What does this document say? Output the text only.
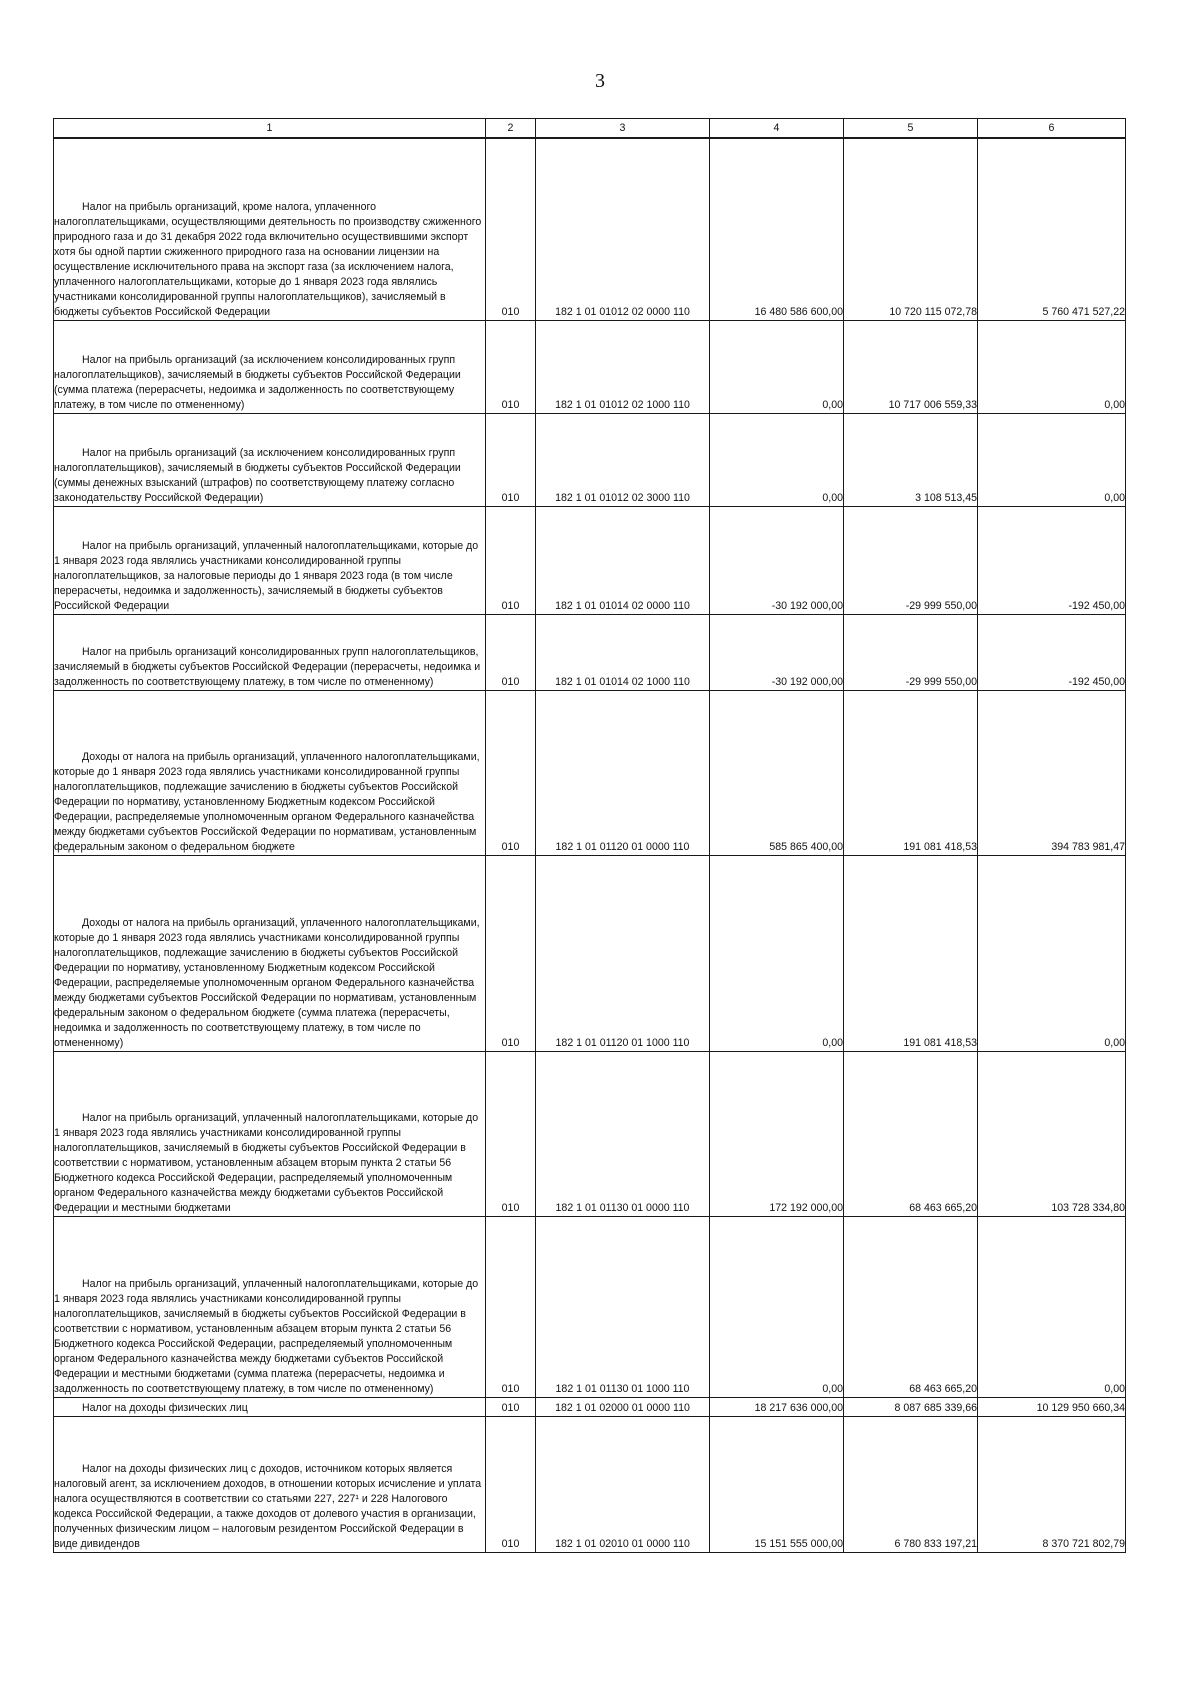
3
1	2	3	4	5	6
Налог на прибыль организаций, кроме налога, уплаченного налогоплательщиками, осуществляющими деятельность по производству сжиженного природного газа и до 31 декабря 2022 года включительно осуществившими экспорт хотя бы одной партии сжиженного природного газа на основании лицензии на осуществление исключительного права на экспорт газа (за исключением налога, уплаченного налогоплательщиками, которые до 1 января 2023 года являлись участниками консолидированной группы налогоплательщиков), зачисляемый в бюджеты субъектов Российской Федерации	010	182 1 01 01012 02 0000 110	16 480 586 600,00	10 720 115 072,78	5 760 471 527,22
Налог на прибыль организаций (за исключением консолидированных групп налогоплательщиков), зачисляемый в бюджеты субъектов Российской Федерации (сумма платежа (перерасчеты, недоимка и задолженность по соответствующему платежу, в том числе по отмененному)	010	182 1 01 01012 02 1000 110	0,00	10 717 006 559,33	0,00
Налог на прибыль организаций (за исключением консолидированных групп налогоплательщиков), зачисляемый в бюджеты субъектов Российской Федерации (суммы денежных взысканий (штрафов) по соответствующему платежу согласно законодательству Российской Федерации)	010	182 1 01 01012 02 3000 110	0,00	3 108 513,45	0,00
Налог на прибыль организаций, уплаченный налогоплательщиками, которые до 1 января 2023 года являлись участниками консолидированной группы налогоплательщиков, за налоговые периоды до 1 января 2023 года (в том числе перерасчеты, недоимка и задолженность), зачисляемый в бюджеты субъектов Российской Федерации	010	182 1 01 01014 02 0000 110	-30 192 000,00	-29 999 550,00	-192 450,00
Налог на прибыль организаций консолидированных групп налогоплательщиков, зачисляемый в бюджеты субъектов Российской Федерации (перерасчеты, недоимка и задолженность по соответствующему платежу, в том числе по отмененному)	010	182 1 01 01014 02 1000 110	-30 192 000,00	-29 999 550,00	-192 450,00
Доходы от налога на прибыль организаций, уплаченного налогоплательщиками, которые до 1 января 2023 года являлись участниками консолидированной группы налогоплательщиков, подлежащие зачислению в бюджеты субъектов Российской Федерации по нормативу, установленному Бюджетным кодексом Российской Федерации, распределяемые уполномоченным органом Федерального казначейства между бюджетами субъектов Российской Федерации по нормативам, установленным федеральным законом о федеральном бюджете	010	182 1 01 01120 01 0000 110	585 865 400,00	191 081 418,53	394 783 981,47
Доходы от налога на прибыль организаций, уплаченного налогоплательщиками, которые до 1 января 2023 года являлись участниками консолидированной группы налогоплательщиков, подлежащие зачислению в бюджеты субъектов Российской Федерации по нормативу, установленному Бюджетным кодексом Российской Федерации, распределяемые уполномоченным органом Федерального казначейства между бюджетами субъектов Российской Федерации по нормативам, установленным федеральным законом о федеральном бюджете (сумма платежа (перерасчеты, недоимка и задолженность по соответствующему платежу, в том числе по отмененному)	010	182 1 01 01120 01 1000 110	0,00	191 081 418,53	0,00
Налог на прибыль организаций, уплаченный налогоплательщиками, которые до 1 января 2023 года являлись участниками консолидированной группы налогоплательщиков, зачисляемый в бюджеты субъектов Российской Федерации в соответствии с нормативом, установленным абзацем вторым пункта 2 статьи 56 Бюджетного кодекса Российской Федерации, распределяемый уполномоченным органом Федерального казначейства между бюджетами субъектов Российской Федерации и местными бюджетами	010	182 1 01 01130 01 0000 110	172 192 000,00	68 463 665,20	103 728 334,80
Налог на прибыль организаций, уплаченный налогоплательщиками, которые до 1 января 2023 года являлись участниками консолидированной группы налогоплательщиков, зачисляемый в бюджеты субъектов Российской Федерации в соответствии с нормативом, установленным абзацем вторым пункта 2 статьи 56 Бюджетного кодекса Российской Федерации, распределяемый уполномоченным органом Федерального казначейства между бюджетами субъектов Российской Федерации и местными бюджетами (сумма платежа (перерасчеты, недоимка и задолженность по соответствующему платежу, в том числе по отмененному)	010	182 1 01 01130 01 1000 110	0,00	68 463 665,20	0,00
Налог на доходы физических лиц	010	182 1 01 02000 01 0000 110	18 217 636 000,00	8 087 685 339,66	10 129 950 660,34
Налог на доходы физических лиц с доходов, источником которых является налоговый агент, за исключением доходов, в отношении которых исчисление и уплата налога осуществляются в соответствии со статьями 227, 227¹ и 228 Налогового кодекса Российской Федерации, а также доходов от долевого участия в организации, полученных физическим лицом – налоговым резидентом Российской Федерации в виде дивидендов	010	182 1 01 02010 01 0000 110	15 151 555 000,00	6 780 833 197,21	8 370 721 802,79
